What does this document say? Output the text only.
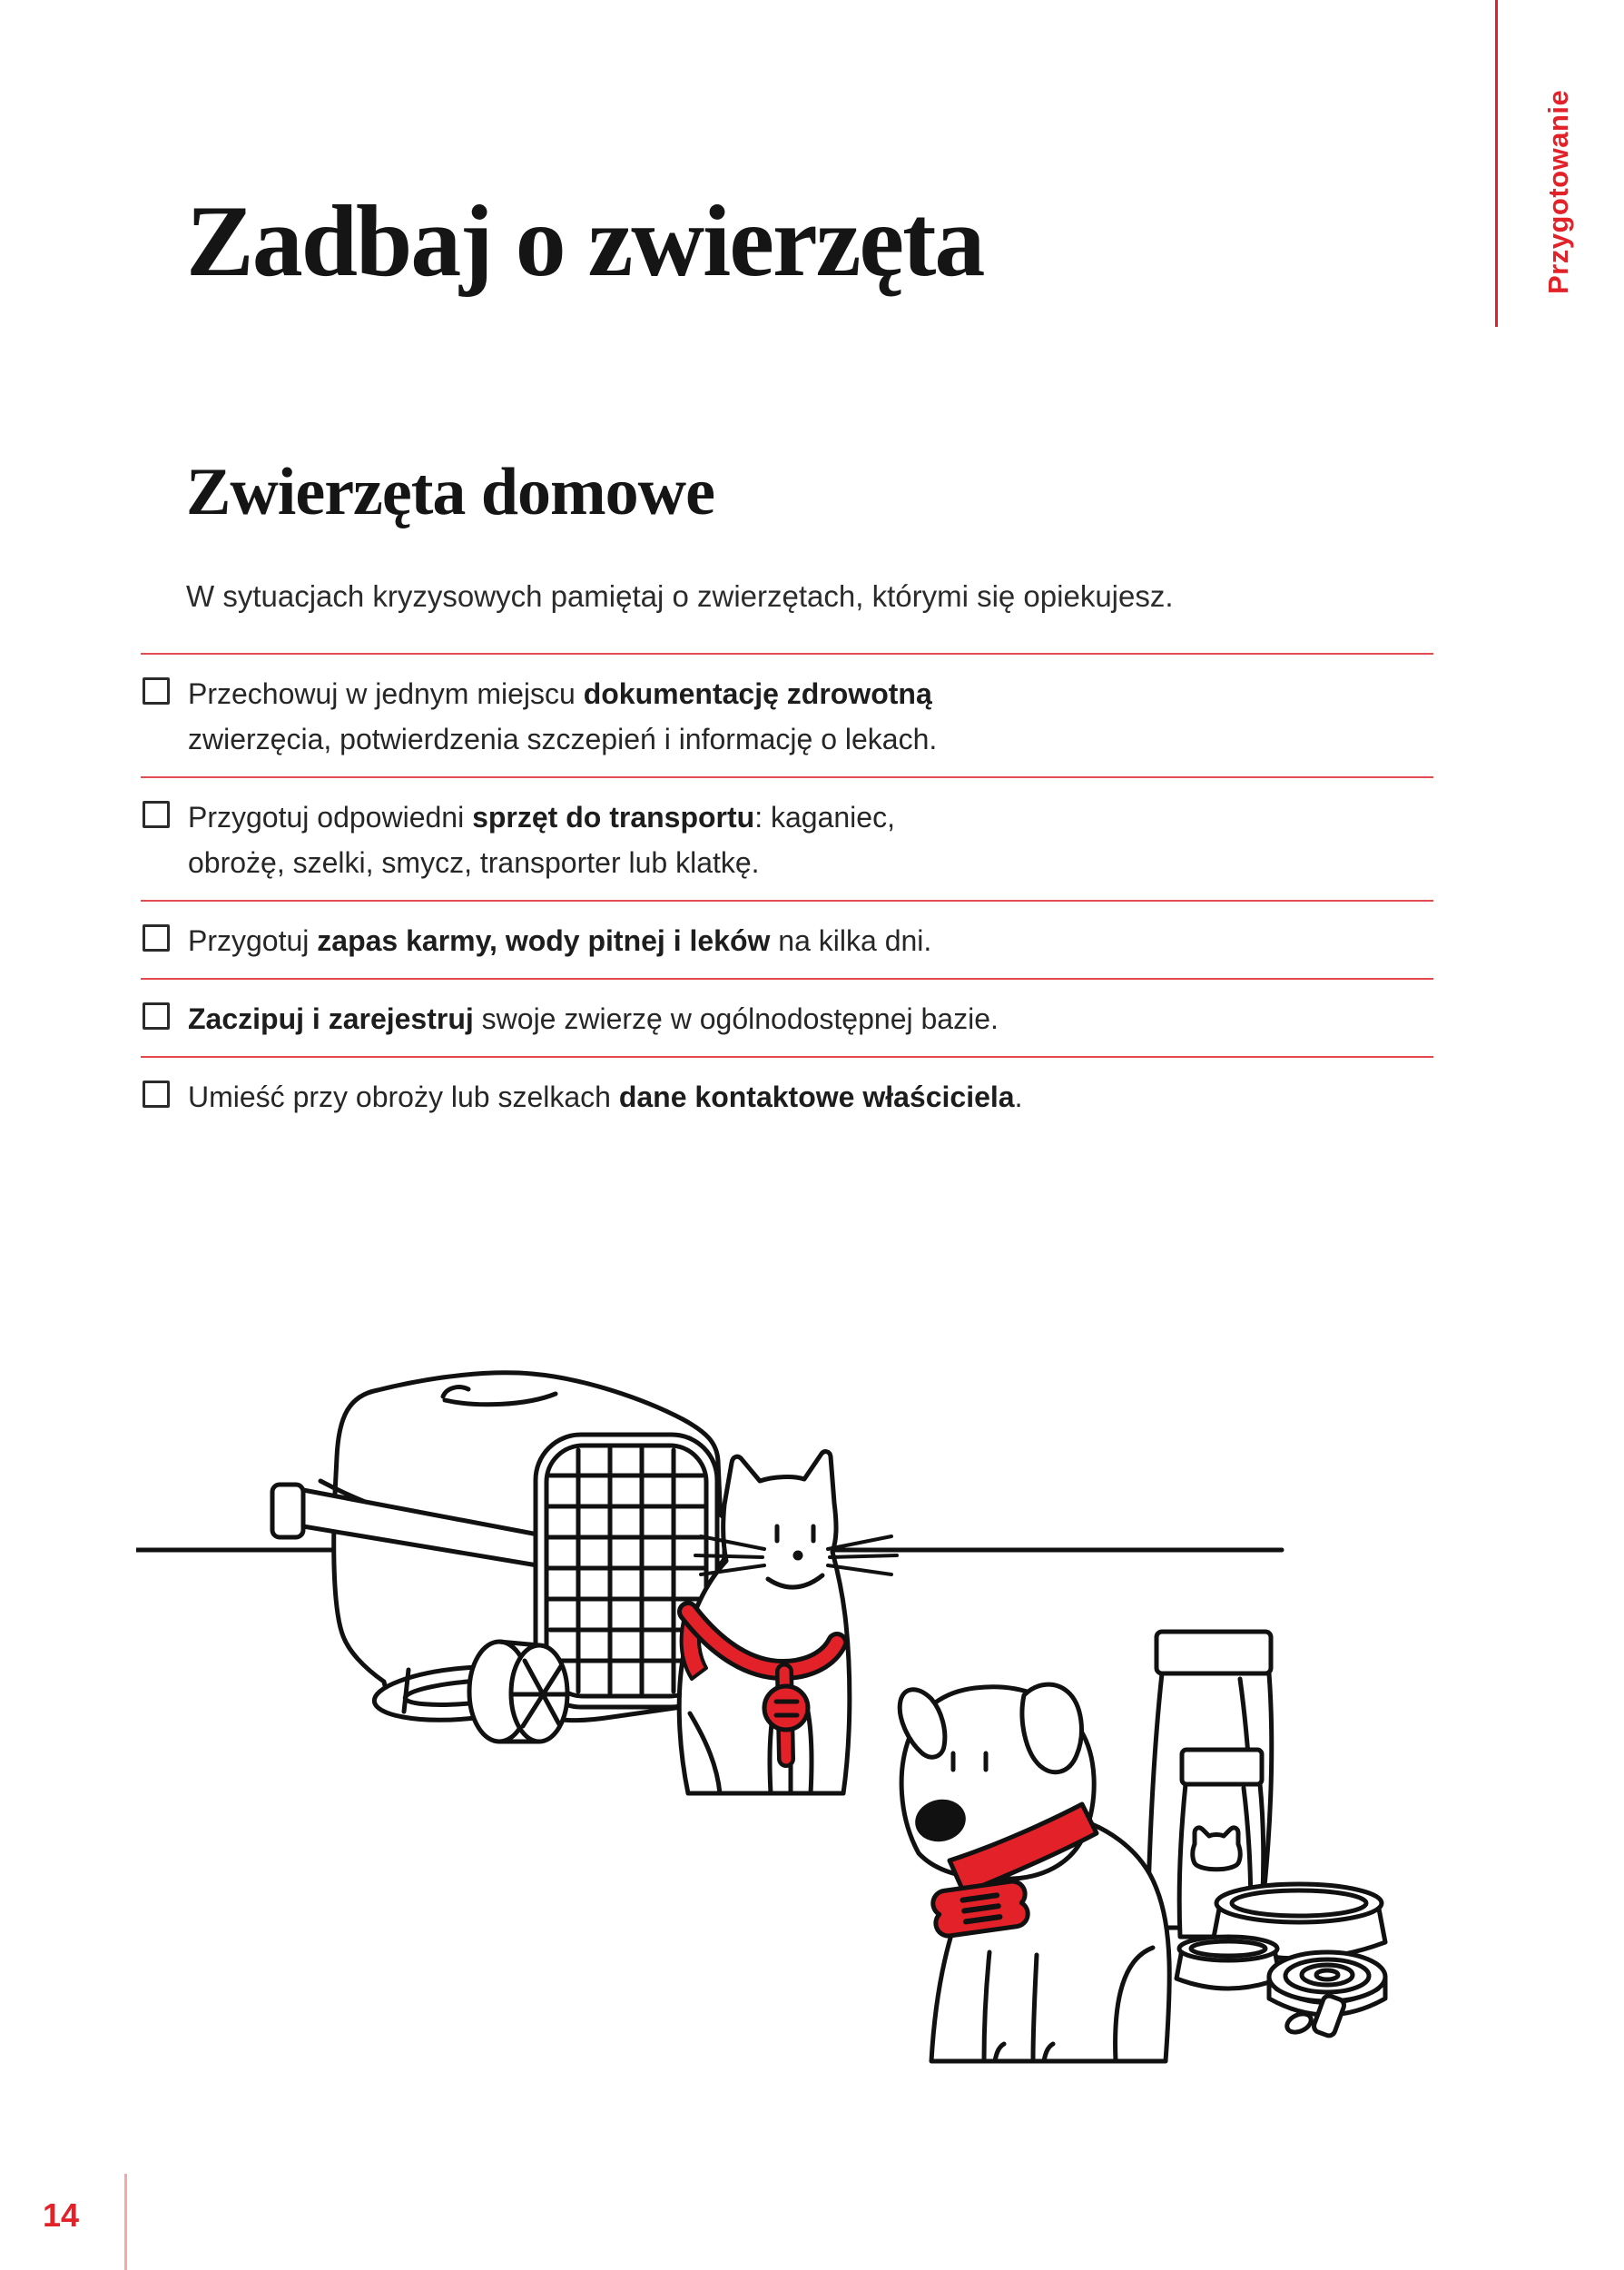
Przygotowanie
Zadbaj o zwierzęta
Zwierzęta domowe

W sytuacjach kryzysowych pamiętaj o zwierzętach, którymi się opiekujesz.

Przechowuj w jednym miejscu dokumentację zdrowotną
zwierzęcia, potwierdzenia szczepień i informację o lekach.

Przygotuj odpowiedni sprzęt do transportu: kaganiec,
obrożę, szelki, smycz, transporter lub klatkę.

Przygotuj zapas karmy, wody pitnej i leków na kilka dni.

Zaczipuj i zarejestruj swoje zwierzę w ogólnodostępnej bazie.

Umieść przy obroży lub szelkach dane kontaktowe właściciela.

14
